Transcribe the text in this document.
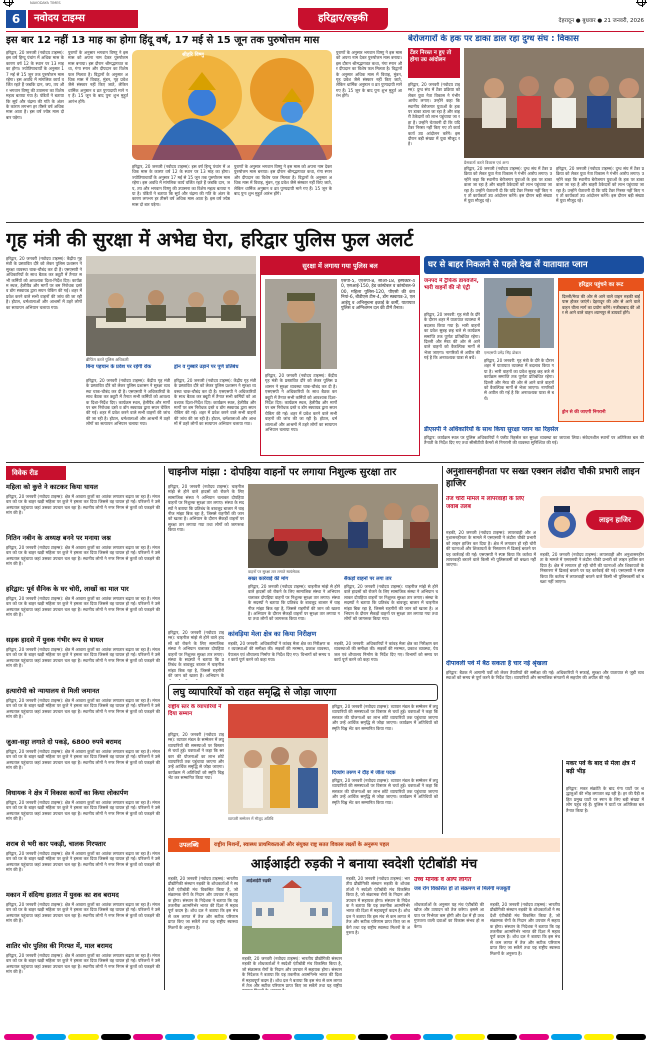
6	नवोदय टाइम्स
NAVODAYA TIMES
हरिद्वार/रुड़की	देहरादून ● बुधवार ● 21 जनवरी, 2026
इस बार 12 नहीं 13 माह का होगा हिंदू वर्ष, 17 मई से 15 जून तक पुरुषोत्तम मास
हरिद्वार, 20 जनवरी (नवोदय टाइम्स): इस वर्ष हिन्दू पंचांग में अधिक मास के कारण वर्ष 12 के स्थान पर 13 माह का होगा। ज्योतिषाचार्यों के अनुसार 17 मई से 15 जून तक पुरुषोत्तम मास रहेगा। इस अवधि में मांगलिक कार्य वर्जित रहते हैं जबकि दान, जप, तप और भगवान विष्णु की उपासना का विशेष महत्व बताया गया है। पंडितों ने बताया कि सूर्य और चंद्रमा की गति के अंतर के कारण लगभग हर तीसरे वर्ष अधिक मास आता है। इस वर्ष ज्येष्ठ मास दो बार पड़ेगा।
पुराणों के अनुसार भगवान विष्णु ने इस मास को अपना नाम देकर पुरुषोत्तम मास बनाया। इस दौरान श्रीमद्भागवत कथा, गंगा स्नान और दीपदान का विशेष फल मिलता है। विद्वानों के अनुसार अधिक मास में विवाह, मुंडन, गृह प्रवेश जैसे संस्कार नहीं किए जाते, लेकिन धार्मिक अनुष्ठान व व्रत पुण्यदायी माने गए हैं। 15 जून के बाद पुनः शुभ मुहूर्त आरंभ होंगे।
श्रीहरि विष्णु
हरिद्वार, 20 जनवरी (नवोदय टाइम्स): इस वर्ष हिन्दू पंचांग में अधिक मास के कारण वर्ष 12 के स्थान पर 13 माह का होगा। ज्योतिषाचार्यों के अनुसार 17 मई से 15 जून तक पुरुषोत्तम मास रहेगा। इस अवधि में मांगलिक कार्य वर्जित रहते हैं जबकि दान, जप, तप और भगवान विष्णु की उपासना का विशेष महत्व बताया गया है। पंडितों ने बताया कि सूर्य और चंद्रमा की गति के अंतर के कारण लगभग हर तीसरे वर्ष अधिक मास आता है। इस वर्ष ज्येष्ठ मास दो बार पड़ेगा।
पुराणों के अनुसार भगवान विष्णु ने इस मास को अपना नाम देकर पुरुषोत्तम मास बनाया। इस दौरान श्रीमद्भागवत कथा, गंगा स्नान और दीपदान का विशेष फल मिलता है। विद्वानों के अनुसार अधिक मास में विवाह, मुंडन, गृह प्रवेश जैसे संस्कार नहीं किए जाते, लेकिन धार्मिक अनुष्ठान व व्रत पुण्यदायी माने गए हैं। 15 जून के बाद पुनः शुभ मुहूर्त आरंभ होंगे।
पुराणों के अनुसार भगवान विष्णु ने इस मास को अपना नाम देकर पुरुषोत्तम मास बनाया। इस दौरान श्रीमद्भागवत कथा, गंगा स्नान और दीपदान का विशेष फल मिलता है। विद्वानों के अनुसार अधिक मास में विवाह, मुंडन, गृह प्रवेश जैसे संस्कार नहीं किए जाते, लेकिन धार्मिक अनुष्ठान व व्रत पुण्यदायी माने गए हैं। 15 जून के बाद पुनः शुभ मुहूर्त आरंभ होंगे।
बेरोजगारों के हक पर डाका डाल रहा दुग्ध संघ : विकास
टेंडर निरस्त न हुए तो होगा उग्र आंदोलन
हरिद्वार, 20 जनवरी (नवोदय टाइम्स): दुग्ध संघ में टेंडर प्रक्रिया को लेकर युवा नेता विकास ने गंभीर आरोप लगाए। उन्होंने कहा कि स्थानीय बेरोजगार युवाओं के हक पर डाका डाला जा रहा है और बाहरी ठेकेदारों को लाभ पहुंचाया जा रहा है। उन्होंने चेतावनी दी कि यदि टेंडर निरस्त नहीं किए गए तो कार्यकर्ता उग्र आंदोलन करेंगे। इस दौरान बड़ी संख्या में युवा मौजूद रहे।
प्रेसवार्ता करते विकास एवं अन्य
हरिद्वार, 20 जनवरी (नवोदय टाइम्स): दुग्ध संघ में टेंडर प्रक्रिया को लेकर युवा नेता विकास ने गंभीर आरोप लगाए। उन्होंने कहा कि स्थानीय बेरोजगार युवाओं के हक पर डाका डाला जा रहा है और बाहरी ठेकेदारों को लाभ पहुंचाया जा रहा है। उन्होंने चेतावनी दी कि यदि टेंडर निरस्त नहीं किए गए तो कार्यकर्ता उग्र आंदोलन करेंगे। इस दौरान बड़ी संख्या में युवा मौजूद रहे।
हरिद्वार, 20 जनवरी (नवोदय टाइम्स): दुग्ध संघ में टेंडर प्रक्रिया को लेकर युवा नेता विकास ने गंभीर आरोप लगाए। उन्होंने कहा कि स्थानीय बेरोजगार युवाओं के हक पर डाका डाला जा रहा है और बाहरी ठेकेदारों को लाभ पहुंचाया जा रहा है। उन्होंने चेतावनी दी कि यदि टेंडर निरस्त नहीं किए गए तो कार्यकर्ता उग्र आंदोलन करेंगे। इस दौरान बड़ी संख्या में युवा मौजूद रहे।
गृह मंत्री की सुरक्षा में अभेद्य घेरा, हरिद्वार पुलिस फुल अलर्ट
हरिद्वार, 20 जनवरी (नवोदय टाइम्स): केंद्रीय गृह मंत्री के प्रस्तावित दौरे को लेकर पुलिस प्रशासन ने सुरक्षा व्यवस्था चाक-चौबंद कर दी है। एसएसपी ने अधिकारियों के साथ बैठक कर ड्यूटी में तैनात सभी कर्मियों को आवश्यक दिशा-निर्देश दिए। कार्यक्रम स्थल, हेलीपैड और मार्गों पर बम निरोधक दस्ते व डॉग स्क्वायड द्वारा सघन चेकिंग की गई। शहर में प्रवेश करने वाले सभी वाहनों की जांच की जा रही है। होटल, धर्मशालाओं और आश्रमों में ठहरे लोगों का सत्यापन अभियान चलाया गया।
ब्रीफिंग करते पुलिस अधिकारी
बिना पहचान के प्रवेश पर रहेगी रोक
हरिद्वार, 20 जनवरी (नवोदय टाइम्स): केंद्रीय गृह मंत्री के प्रस्तावित दौरे को लेकर पुलिस प्रशासन ने सुरक्षा व्यवस्था चाक-चौबंद कर दी है। एसएसपी ने अधिकारियों के साथ बैठक कर ड्यूटी में तैनात सभी कर्मियों को आवश्यक दिशा-निर्देश दिए। कार्यक्रम स्थल, हेलीपैड और मार्गों पर बम निरोधक दस्ते व डॉग स्क्वायड द्वारा सघन चेकिंग की गई। शहर में प्रवेश करने वाले सभी वाहनों की जांच की जा रही है। होटल, धर्मशालाओं और आश्रमों में ठहरे लोगों का सत्यापन अभियान चलाया गया।
ड्रोन व गुब्बारे उड़ाने पर पूर्ण प्रतिबंध
हरिद्वार, 20 जनवरी (नवोदय टाइम्स): केंद्रीय गृह मंत्री के प्रस्तावित दौरे को लेकर पुलिस प्रशासन ने सुरक्षा व्यवस्था चाक-चौबंद कर दी है। एसएसपी ने अधिकारियों के साथ बैठक कर ड्यूटी में तैनात सभी कर्मियों को आवश्यक दिशा-निर्देश दिए। कार्यक्रम स्थल, हेलीपैड और मार्गों पर बम निरोधक दस्ते व डॉग स्क्वायड द्वारा सघन चेकिंग की गई। शहर में प्रवेश करने वाले सभी वाहनों की जांच की जा रही है। होटल, धर्मशालाओं और आश्रमों में ठहरे लोगों का सत्यापन अभियान चलाया गया।
सुरक्षा में लगाया गया पुलिस बल
एसपी-5, एएसपी-8, सीओ-18, इंस्पेक्टर-40, एसआई-150, हेड कांस्टेबल व कांस्टेबल-900, महिला पुलिस-120, पीएसी की कंपनियां-6, बीडीएस टीम-4, डॉग स्क्वायड-3, एलआईयू व अभिसूचना इकाई के कर्मी, यातायात पुलिस व अग्निशमन दल की टीमें तैनात।
हरिद्वार, 20 जनवरी (नवोदय टाइम्स): केंद्रीय गृह मंत्री के प्रस्तावित दौरे को लेकर पुलिस प्रशासन ने सुरक्षा व्यवस्था चाक-चौबंद कर दी है। एसएसपी ने अधिकारियों के साथ बैठक कर ड्यूटी में तैनात सभी कर्मियों को आवश्यक दिशा-निर्देश दिए। कार्यक्रम स्थल, हेलीपैड और मार्गों पर बम निरोधक दस्ते व डॉग स्क्वायड द्वारा सघन चेकिंग की गई। शहर में प्रवेश करने वाले सभी वाहनों की जांच की जा रही है। होटल, धर्मशालाओं और आश्रमों में ठहरे लोगों का सत्यापन अभियान चलाया गया।
घर से बाहर निकलने से पहले देख लें यातायात प्लान
जनपद में ट्रैफिक डायवर्जन, भारी वाहनों की नो एंट्री
हरिद्वार, 20 जनवरी: गृह मंत्री के दौरे के दौरान शहर में यातायात व्यवस्था में बदलाव किया गया है। भारी वाहनों का प्रवेश सुबह छह बजे से कार्यक्रम समाप्ति तक पूर्णतः प्रतिबंधित रहेगा। दिल्ली और मेरठ की ओर से आने वाले वाहनों को वैकल्पिक मार्गों से भेजा जाएगा। नागरिकों से अपील की गई है कि अनावश्यक यात्रा से बचें।
एसएसपी प्रमेंद्र सिंह डोबाल
हरिद्वार, 20 जनवरी: गृह मंत्री के दौरे के दौरान शहर में यातायात व्यवस्था में बदलाव किया गया है। भारी वाहनों का प्रवेश सुबह छह बजे से कार्यक्रम समाप्ति तक पूर्णतः प्रतिबंधित रहेगा। दिल्ली और मेरठ की ओर से आने वाले वाहनों को वैकल्पिक मार्गों से भेजा जाएगा। नागरिकों से अपील की गई है कि अनावश्यक यात्रा से बचें।
हरिद्वार पहुंचने का रूट
दिल्ली/मेरठ की ओर से आने वाले वाहन रुड़की बाईपास होकर जाएंगे। देहरादून की ओर से आने वाले वाहन चीला मार्ग का प्रयोग करेंगे। नजीबाबाद की ओर से आने वाले वाहन श्यामपुर से डायवर्ट होंगे।
ड्रोन से की जाएगी निगरानी
डीएसपी ने अधिकारियों के साथ किया सुरक्षा प्लान का रिहर्सल
हरिद्वार: कार्यक्रम स्थल पर पुलिस अधिकारियों ने फ्लीट रिहर्सल कर सुरक्षा व्यवस्था का जायजा लिया। संवेदनशील स्थानों पर अतिरिक्त बल की तैनाती के निर्देश दिए गए तथा सीसीटीवी कैमरों से निगरानी की व्यवस्था सुनिश्चित की गई।
विवेक रीड
महिला को कुत्ते ने काटकर किया घायल
हरिद्वार, 20 जनवरी (नवोदय टाइम्स): क्षेत्र में आवारा कुत्तों का आतंक लगातार बढ़ता जा रहा है। मंगलवार को घर के बाहर खड़ी महिला पर कुत्ते ने हमला कर दिया जिससे वह घायल हो गई। परिजनों ने उसे अस्पताल पहुंचाया जहां उसका उपचार चल रहा है। स्थानीय लोगों ने नगर निगम से कुत्तों को पकड़ने की मांग की है।
नितिन नबीन के अध्यक्ष बनने पर मनाया जश्न
हरिद्वार, 20 जनवरी (नवोदय टाइम्स): क्षेत्र में आवारा कुत्तों का आतंक लगातार बढ़ता जा रहा है। मंगलवार को घर के बाहर खड़ी महिला पर कुत्ते ने हमला कर दिया जिससे वह घायल हो गई। परिजनों ने उसे अस्पताल पहुंचाया जहां उसका उपचार चल रहा है। स्थानीय लोगों ने नगर निगम से कुत्तों को पकड़ने की मांग की है।
हरिद्वार: पूर्व सैनिक के घर चोरी, लाखों का माल पार
हरिद्वार, 20 जनवरी (नवोदय टाइम्स): क्षेत्र में आवारा कुत्तों का आतंक लगातार बढ़ता जा रहा है। मंगलवार को घर के बाहर खड़ी महिला पर कुत्ते ने हमला कर दिया जिससे वह घायल हो गई। परिजनों ने उसे अस्पताल पहुंचाया जहां उसका उपचार चल रहा है। स्थानीय लोगों ने नगर निगम से कुत्तों को पकड़ने की मांग की है।
सड़क हादसे में युवक गंभीर रूप से घायल
हरिद्वार, 20 जनवरी (नवोदय टाइम्स): क्षेत्र में आवारा कुत्तों का आतंक लगातार बढ़ता जा रहा है। मंगलवार को घर के बाहर खड़ी महिला पर कुत्ते ने हमला कर दिया जिससे वह घायल हो गई। परिजनों ने उसे अस्पताल पहुंचाया जहां उसका उपचार चल रहा है। स्थानीय लोगों ने नगर निगम से कुत्तों को पकड़ने की मांग की है।
हत्यारोपी को न्यायालय से मिली जमानत
हरिद्वार, 20 जनवरी (नवोदय टाइम्स): क्षेत्र में आवारा कुत्तों का आतंक लगातार बढ़ता जा रहा है। मंगलवार को घर के बाहर खड़ी महिला पर कुत्ते ने हमला कर दिया जिससे वह घायल हो गई। परिजनों ने उसे अस्पताल पहुंचाया जहां उसका उपचार चल रहा है। स्थानीय लोगों ने नगर निगम से कुत्तों को पकड़ने की मांग की है।
जुआ-सट्टा लगाते दो पकड़े, 6800 रुपये बरामद
हरिद्वार, 20 जनवरी (नवोदय टाइम्स): क्षेत्र में आवारा कुत्तों का आतंक लगातार बढ़ता जा रहा है। मंगलवार को घर के बाहर खड़ी महिला पर कुत्ते ने हमला कर दिया जिससे वह घायल हो गई। परिजनों ने उसे अस्पताल पहुंचाया जहां उसका उपचार चल रहा है। स्थानीय लोगों ने नगर निगम से कुत्तों को पकड़ने की मांग की है।
विधायक ने क्षेत्र में विकास कार्यों का किया लोकार्पण
हरिद्वार, 20 जनवरी (नवोदय टाइम्स): क्षेत्र में आवारा कुत्तों का आतंक लगातार बढ़ता जा रहा है। मंगलवार को घर के बाहर खड़ी महिला पर कुत्ते ने हमला कर दिया जिससे वह घायल हो गई। परिजनों ने उसे अस्पताल पहुंचाया जहां उसका उपचार चल रहा है। स्थानीय लोगों ने नगर निगम से कुत्तों को पकड़ने की मांग की है।
शराब से भरी कार पकड़ी, चालक गिरफ्तार
हरिद्वार, 20 जनवरी (नवोदय टाइम्स): क्षेत्र में आवारा कुत्तों का आतंक लगातार बढ़ता जा रहा है। मंगलवार को घर के बाहर खड़ी महिला पर कुत्ते ने हमला कर दिया जिससे वह घायल हो गई। परिजनों ने उसे अस्पताल पहुंचाया जहां उसका उपचार चल रहा है। स्थानीय लोगों ने नगर निगम से कुत्तों को पकड़ने की मांग की है।
मकान में संदिग्ध हालात में युवक का शव बरामद
हरिद्वार, 20 जनवरी (नवोदय टाइम्स): क्षेत्र में आवारा कुत्तों का आतंक लगातार बढ़ता जा रहा है। मंगलवार को घर के बाहर खड़ी महिला पर कुत्ते ने हमला कर दिया जिससे वह घायल हो गई। परिजनों ने उसे अस्पताल पहुंचाया जहां उसका उपचार चल रहा है। स्थानीय लोगों ने नगर निगम से कुत्तों को पकड़ने की मांग की है।
शातिर चोर पुलिस की गिरफ्त में, माल बरामद
हरिद्वार, 20 जनवरी (नवोदय टाइम्स): क्षेत्र में आवारा कुत्तों का आतंक लगातार बढ़ता जा रहा है। मंगलवार को घर के बाहर खड़ी महिला पर कुत्ते ने हमला कर दिया जिससे वह घायल हो गई। परिजनों ने उसे अस्पताल पहुंचाया जहां उसका उपचार चल रहा है। स्थानीय लोगों ने नगर निगम से कुत्तों को पकड़ने की मांग की है।
चाइनीज मांझा : दोपहिया वाहनों पर लगाया निशुल्क सुरक्षा तार
हरिद्वार, 20 जनवरी (नवोदय टाइम्स): चाइनीज मांझे से होने वाले हादसों को रोकने के लिए सामाजिक संस्था ने अभियान चलाकर दोपहिया वाहनों पर निशुल्क सुरक्षा तार लगाए। संस्था के सदस्यों ने बताया कि प्रतिबंध के बावजूद बाजार में चाइनीज मांझा बिक रहा है, जिससे राहगीरों की जान को खतरा है। अभियान के दौरान सैकड़ों वाहनों पर सुरक्षा तार लगाया गया तथा लोगों को जागरूक किया गया।
वाहनों पर सुरक्षा तार लगाते स्वयंसेवक
सख्त कार्रवाई की मांग
हरिद्वार, 20 जनवरी (नवोदय टाइम्स): चाइनीज मांझे से होने वाले हादसों को रोकने के लिए सामाजिक संस्था ने अभियान चलाकर दोपहिया वाहनों पर निशुल्क सुरक्षा तार लगाए। संस्था के सदस्यों ने बताया कि प्रतिबंध के बावजूद बाजार में चाइनीज मांझा बिक रहा है, जिससे राहगीरों की जान को खतरा है। अभियान के दौरान सैकड़ों वाहनों पर सुरक्षा तार लगाया गया तथा लोगों को जागरूक किया गया।
सैकड़ों वाहनों पर लगा तार
हरिद्वार, 20 जनवरी (नवोदय टाइम्स): चाइनीज मांझे से होने वाले हादसों को रोकने के लिए सामाजिक संस्था ने अभियान चलाकर दोपहिया वाहनों पर निशुल्क सुरक्षा तार लगाए। संस्था के सदस्यों ने बताया कि प्रतिबंध के बावजूद बाजार में चाइनीज मांझा बिक रहा है, जिससे राहगीरों की जान को खतरा है। अभियान के दौरान सैकड़ों वाहनों पर सुरक्षा तार लगाया गया तथा लोगों को जागरूक किया गया।
कांवड़िया मेला क्षेत्र का किया निरीक्षण
हरिद्वार, 20 जनवरी (नवोदय टाइम्स): चाइनीज मांझे से होने वाले हादसों को रोकने के लिए सामाजिक संस्था ने अभियान चलाकर दोपहिया वाहनों पर निशुल्क सुरक्षा तार लगाए। संस्था के सदस्यों ने बताया कि प्रतिबंध के बावजूद बाजार में चाइनीज मांझा बिक रहा है, जिससे राहगीरों की जान को खतरा है। अभियान के
रुड़की, 20 जनवरी: अधिकारियों ने कांवड़ मेला क्षेत्र का निरीक्षण कर व्यवस्थाओं की समीक्षा की। सड़कों की मरम्मत, प्रकाश व्यवस्था, पेयजल एवं शौचालय निर्माण के निर्देश दिए गए। विभागों को समय पर कार्य पूर्ण करने को कहा गया।
रुड़की, 20 जनवरी: अधिकारियों ने कांवड़ मेला क्षेत्र का निरीक्षण कर व्यवस्थाओं की समीक्षा की। सड़कों की मरम्मत, प्रकाश व्यवस्था, पेयजल एवं शौचालय निर्माण के निर्देश दिए गए। विभागों को समय पर कार्य पूर्ण करने को कहा गया।
लघु व्यापारियों को राहत समृद्धि से जोड़ा जाएगा
राष्ट्रीय स्तर के व्यापारियों ने दिया सम्मान
हरिद्वार, 20 जनवरी (नवोदय टाइम्स): व्यापार मंडल के सम्मेलन में लघु व्यापारियों की समस्याओं पर विस्तार से चर्चा हुई। वक्ताओं ने कहा कि सरकार की योजनाओं का लाभ छोटे व्यापारियों तक पहुंचाया जाएगा और उन्हें आर्थिक समृद्धि से जोड़ा जाएगा। कार्यक्रम में अतिथियों को स्मृति चिह्न भेंट कर सम्मानित किया गया।
व्यापारी सम्मेलन में मौजूद अतिथि
हरिद्वार, 20 जनवरी (नवोदय टाइम्स): व्यापार मंडल के सम्मेलन में लघु व्यापारियों की समस्याओं पर विस्तार से चर्चा हुई। वक्ताओं ने कहा कि सरकार की योजनाओं का लाभ छोटे व्यापारियों तक पहुंचाया जाएगा और उन्हें आर्थिक समृद्धि से जोड़ा जाएगा। कार्यक्रम में अतिथियों को स्मृति चिह्न भेंट कर सम्मानित किया गया।
दिव्यांग तरुण ने दौड़ में जीता पदक
हरिद्वार, 20 जनवरी (नवोदय टाइम्स): व्यापार मंडल के सम्मेलन में लघु व्यापारियों की समस्याओं पर विस्तार से चर्चा हुई। वक्ताओं ने कहा कि सरकार की योजनाओं का लाभ छोटे व्यापारियों तक पहुंचाया जाएगा और उन्हें आर्थिक समृद्धि से जोड़ा जाएगा। कार्यक्रम में अतिथियों को स्मृति चिह्न भेंट कर सम्मानित किया गया।
अनुशासनहीनता पर सख्त एक्शन लंढौरा चौकी प्रभारी लाइन हाजिर
तेज चोरी मामले में लापरवाही के लिए जवाब तलब
लाइन हाजिर
रुड़की, 20 जनवरी (नवोदय टाइम्स): लापरवाही और अनुशासनहीनता के मामले में एसएसपी ने लंढौरा चौकी प्रभारी को लाइन हाजिर कर दिया है। क्षेत्र में लगातार हो रही चोरी की घटनाओं और शिकायतों के निस्तारण में ढिलाई बरतने पर यह कार्रवाई की गई। एसएसपी ने स्पष्ट किया कि कर्तव्य में लापरवाही बरतने वाले किसी भी पुलिसकर्मी को बख्शा नहीं जाएगा।
रुड़की, 20 जनवरी (नवोदय टाइम्स): लापरवाही और अनुशासनहीनता के मामले में एसएसपी ने लंढौरा चौकी प्रभारी को लाइन हाजिर कर दिया है। क्षेत्र में लगातार हो रही चोरी की घटनाओं और शिकायतों के निस्तारण में ढिलाई बरतने पर यह कार्रवाई की गई। एसएसपी ने स्पष्ट किया कि कर्तव्य में लापरवाही बरतने वाले किसी भी पुलिसकर्मी को बख्शा नहीं जाएगा।
दीपावली पर्व में बैठ सकता है चार नई श्रृंखला
हरिद्वार: बैठक में आगामी पर्वों को लेकर तैयारियों की समीक्षा की गई। अधिकारियों ने सफाई, सुरक्षा और यातायात से जुड़ी व्यवस्थाओं को समय से पूर्ण करने के निर्देश दिए। व्यापारियों और सामाजिक संगठनों से सहयोग की अपील की गई।
मकर पर्व के बाद से मेला क्षेत्र में बढ़ी भीड़
हरिद्वार: मकर संक्रांति के बाद गंगा घाटों पर श्रद्धालुओं की भीड़ लगातार बढ़ रही है। हर की पैड़ी सहित प्रमुख घाटों पर स्नान के लिए बड़ी संख्या में लोग पहुंच रहे हैं। पुलिस ने घाटों पर अतिरिक्त बल तैनात किया है।
उपलब्धि	राष्ट्रीय मिशनों, स्वास्थ्य प्राथमिकताओं और संयुक्त राष्ट्र सतत विकास लक्ष्यों के अनुरूप पहल
आईआईटी रुड़की ने बनाया स्वदेशी एंटीबॉडी मंच
रुड़की, 20 जनवरी (नवोदय टाइम्स): भारतीय प्रौद्योगिकी संस्थान रुड़की के शोधकर्ताओं ने स्वदेशी एंटीबॉडी मंच विकसित किया है, जो संक्रामक रोगों के निदान और उपचार में सहायक होगा। संस्थान के निदेशक ने बताया कि यह तकनीक आत्मनिर्भर भारत की दिशा में महत्वपूर्ण कदम है। शोध दल ने बताया कि इस मंच से कम लागत में तेज और सटीक परिणाम प्राप्त किए जा सकेंगे तथा यह राष्ट्रीय स्वास्थ्य मिशनों के अनुरूप है।
आईआईटी रुड़की
रुड़की, 20 जनवरी (नवोदय टाइम्स): भारतीय प्रौद्योगिकी संस्थान रुड़की के शोधकर्ताओं ने स्वदेशी एंटीबॉडी मंच विकसित किया है, जो संक्रामक रोगों के निदान और उपचार में सहायक होगा। संस्थान के निदेशक ने बताया कि यह तकनीक आत्मनिर्भर भारत की दिशा में महत्वपूर्ण कदम है। शोध दल ने बताया कि इस मंच से कम लागत में तेज और सटीक परिणाम प्राप्त किए जा सकेंगे तथा यह राष्ट्रीय
रुड़की, 20 जनवरी (नवोदय टाइम्स): भारतीय प्रौद्योगिकी संस्थान रुड़की के शोधकर्ताओं ने स्वदेशी एंटीबॉडी मंच विकसित किया है, जो संक्रामक रोगों के निदान और उपचार में सहायक होगा। संस्थान के निदेशक ने बताया कि यह तकनीक आत्मनिर्भर भारत की दिशा में महत्वपूर्ण कदम है। शोध दल ने बताया कि इस मंच से कम लागत में तेज और सटीक परिणाम प्राप्त किए जा सकेंगे तथा यह राष्ट्रीय स्वास्थ्य मिशनों के अनुरूप है।
उच्च मानक व अल्प लागत
जब रोग विकसित हो तो संक्रमण से मिलेगी मजबूती
शोधकर्ताओं के अनुसार यह मंच एंटीबॉडी की खोज और उत्पादन को तेज करेगा। इससे आयात पर निर्भरता कम होगी और देश में ही उच्च गुणवत्ता वाली दवाओं का विकास संभव हो सकेगा।
रुड़की, 20 जनवरी (नवोदय टाइम्स): भारतीय प्रौद्योगिकी संस्थान रुड़की के शोधकर्ताओं ने स्वदेशी एंटीबॉडी मंच विकसित किया है, जो संक्रामक रोगों के निदान और उपचार में सहायक होगा। संस्थान के निदेशक ने बताया कि यह तकनीक आत्मनिर्भर भारत की दिशा में महत्वपूर्ण कदम है। शोध दल ने बताया कि इस मंच से कम लागत में तेज और सटीक परिणाम प्राप्त किए जा सकेंगे तथा यह राष्ट्रीय स्वास्थ्य मिशनों के अनुरूप है।
